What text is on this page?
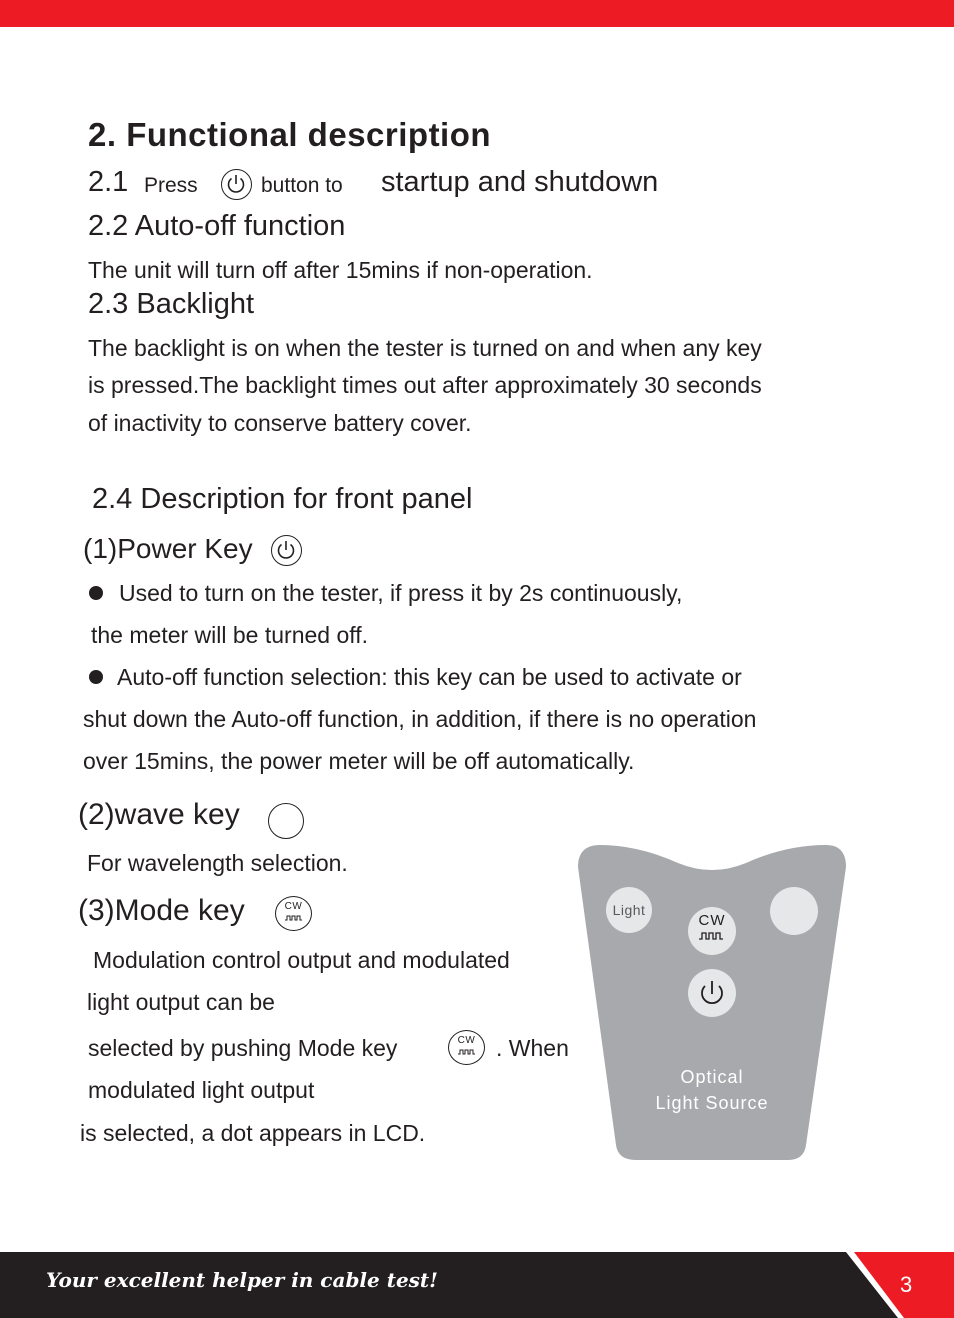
2. Functional description
2.1 Press	button to startup and shutdown
2.2 Auto-off function
The unit will turn off after 15mins if non-operation.
2.3 Backlight
The backlight is on when the tester is turned on and when any key
is pressed.The backlight times out after approximately 30 seconds
of inactivity to conserve battery cover.
2.4 Description for front panel
(1)Power Key
Used to turn on the tester, if press it by 2s continuously,
the meter will be turned off.
Auto-off function selection: this key can be used to activate or
shut down the Auto-off function, in addition, if there is no operation
over 15mins, the power meter will be off automatically.
(2)wave key
For wavelength selection.
(3)Mode key	CW
Modulation control output and modulated
light output can be
selected by pushing Mode key	CW . When
modulated light output
is selected, a dot appears in LCD.
Light
CW
Optical
Light Source
Your excellent helper in cable test!	3
